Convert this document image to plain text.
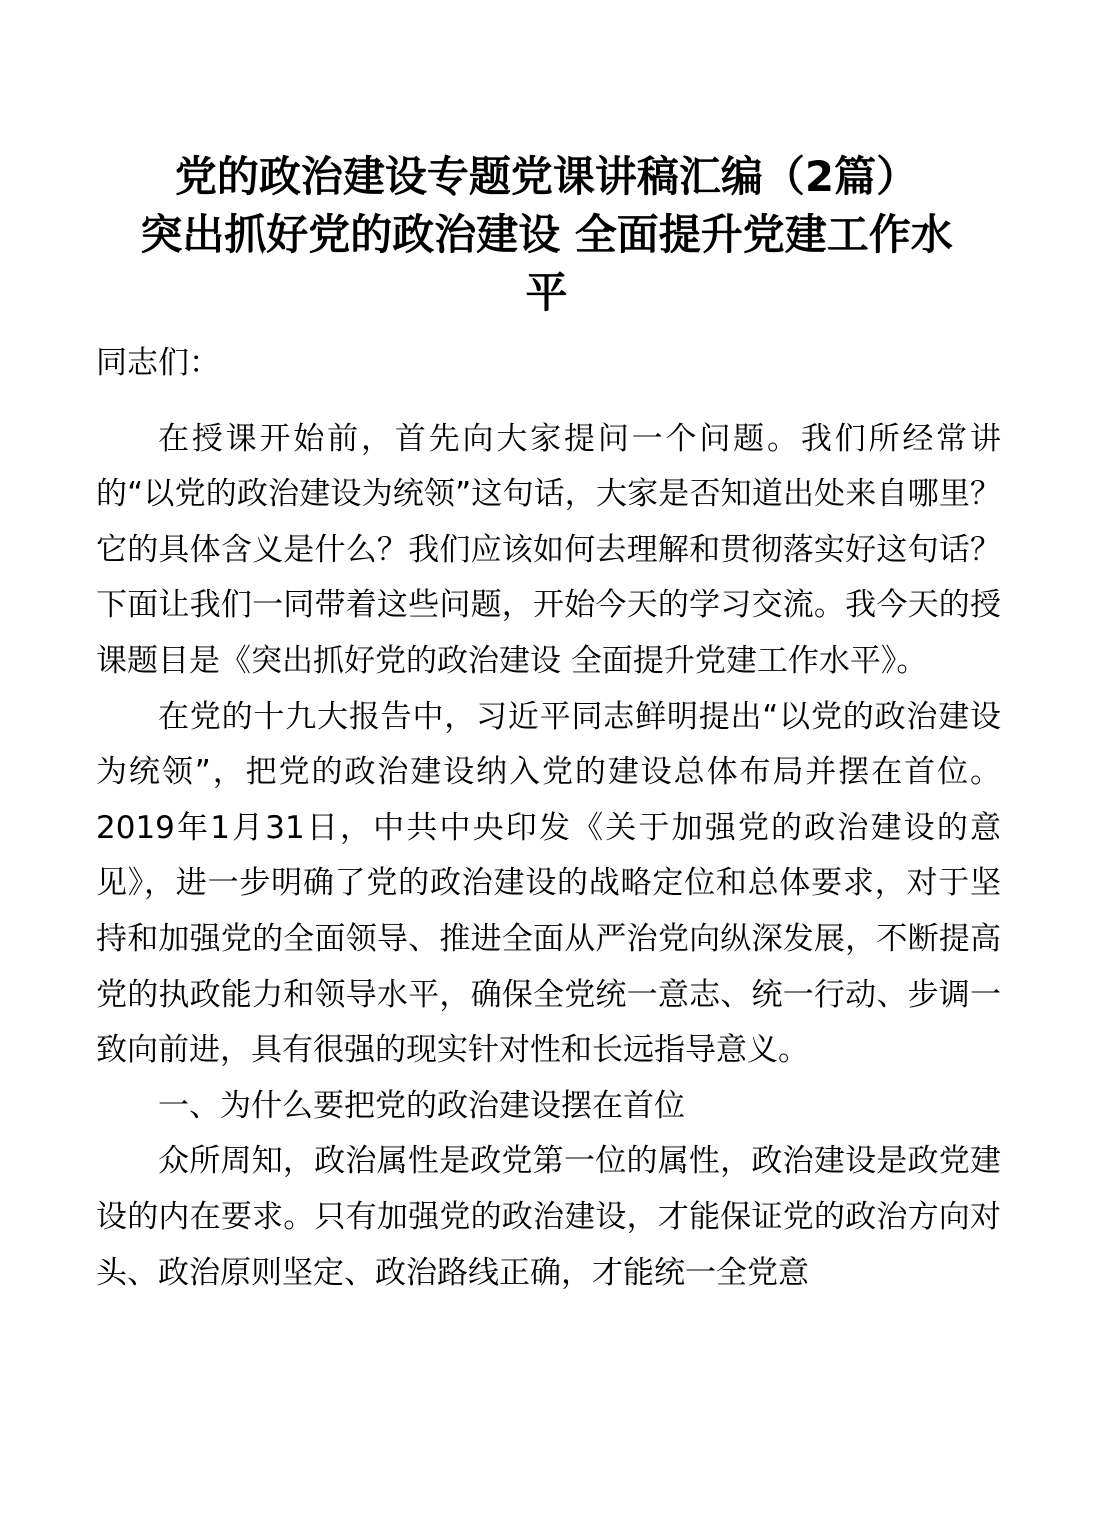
党的政治建设专题党课讲稿汇编（2篇）
突出抓好党的政治建设 全面提升党建工作水
平

同志们：

在授课开始前，首先向大家提问一个问题。我们所经常讲的“以党的政治建设为统领”这句话，大家是否知道出处来自哪里？它的具体含义是什么？我们应该如何去理解和贯彻落实好这句话？下面让我们一同带着这些问题，开始今天的学习交流。我今天的授课题目是《突出抓好党的政治建设 全面提升党建工作水平》。

在党的十九大报告中，习近平同志鲜明提出“以党的政治建设为统领”，把党的政治建设纳入党的建设总体布局并摆在首位。2019年1月31日，中共中央印发《关于加强党的政治建设的意见》，进一步明确了党的政治建设的战略定位和总体要求，对于坚持和加强党的全面领导、推进全面从严治党向纵深发展，不断提高党的执政能力和领导水平，确保全党统一意志、统一行动、步调一致向前进，具有很强的现实针对性和长远指导意义。

一、为什么要把党的政治建设摆在首位

众所周知，政治属性是政党第一位的属性，政治建设是政党建设的内在要求。只有加强党的政治建设，才能保证党的政治方向对头、政治原则坚定、政治路线正确，才能统一全党意
